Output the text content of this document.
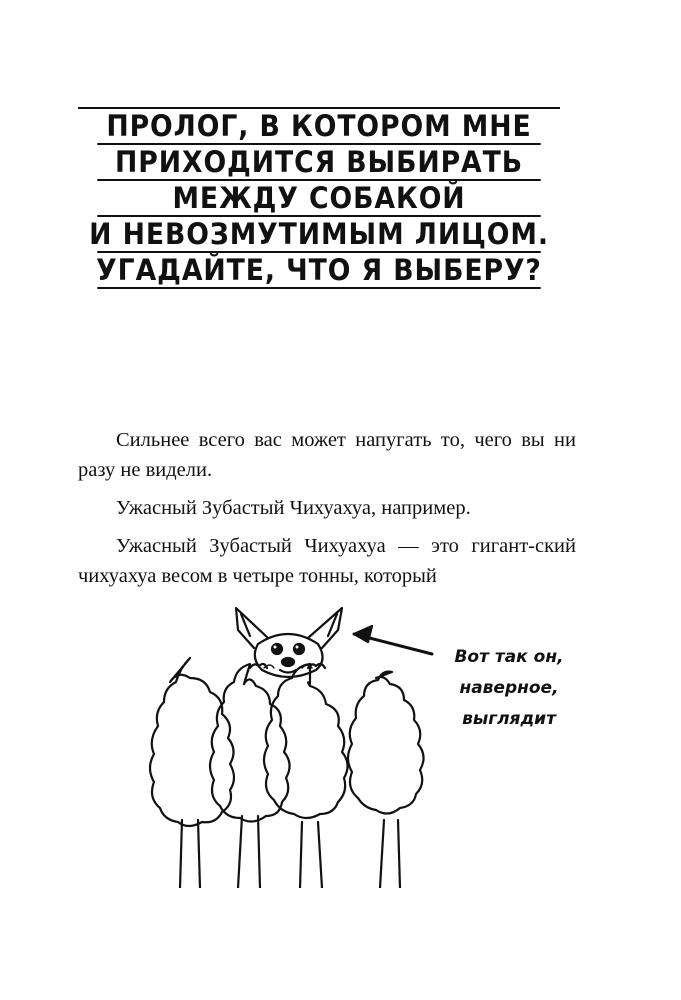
ПРОЛОГ, В КОТОРОМ МНЕ
ПРИХОДИТСЯ ВЫБИРАТЬ
МЕЖДУ СОБАКОЙ
И НЕВОЗМУТИМЫМ ЛИЦОМ.
УГАДАЙТЕ, ЧТО Я ВЫБЕРУ?

Сильнее всего вас может напугать то, чего вы ни разу не видели.

Ужасный Зубастый Чихуахуа, например.

Ужасный Зубастый Чихуахуа — это гигант-ский чихуахуа весом в четыре тонны, который

Вот так он,
наверное,
выглядит
